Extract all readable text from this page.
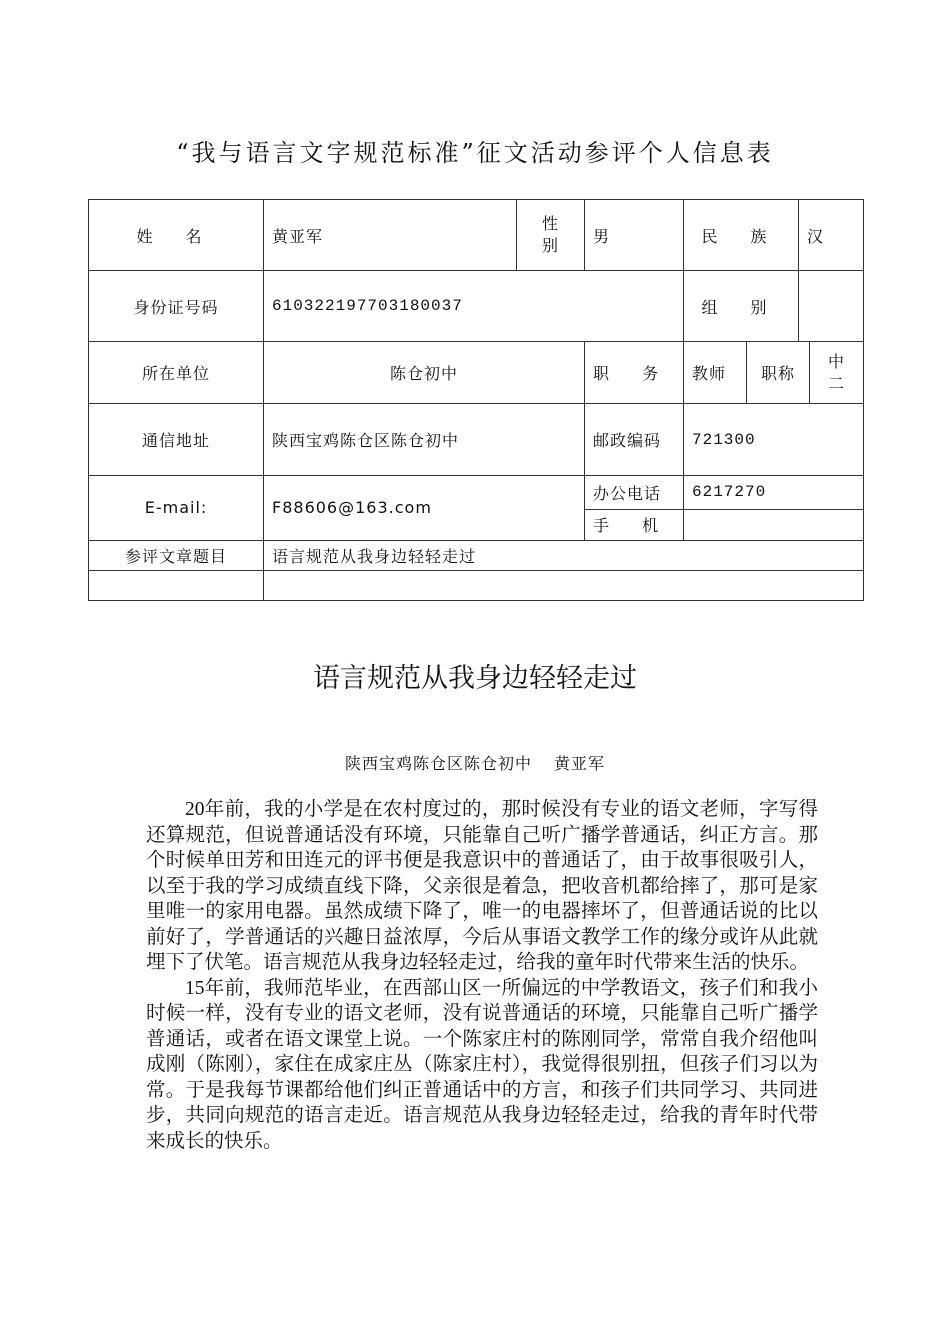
“我与语言文字规范标准”征文活动参评个人信息表
姓 名	黄亚军	性别	男	民 族		汉	
身份证号码	610322197703180037			组 别			
所在单位	陈仓初中		职 务	教师	职称		中二
通信地址	陕西宝鸡陈仓区陈仓初中		邮政编码	721300			
E-mail:	F88606@163.com		办公电话	6217270			
			手 机				
参评文章题目	语言规范从我身边轻轻走过						

语言规范从我身边轻轻走过
陕西宝鸡陈仓区陈仓初中 黄亚军

20年前，我的小学是在农村度过的，那时候没有专业的语文老师，字写得还算规范，但说普通话没有环境，只能靠自己听广播学普通话，纠正方言。那个时候单田芳和田连元的评书便是我意识中的普通话了，由于故事很吸引人，以至于我的学习成绩直线下降，父亲很是着急，把收音机都给摔了，那可是家里唯一的家用电器。虽然成绩下降了，唯一的电器摔坏了，但普通话说的比以前好了，学普通话的兴趣日益浓厚，今后从事语文教学工作的缘分或许从此就埋下了伏笔。语言规范从我身边轻轻走过，给我的童年时代带来生活的快乐。

15年前，我师范毕业，在西部山区一所偏远的中学教语文，孩子们和我小时候一样，没有专业的语文老师，没有说普通话的环境，只能靠自己听广播学普通话，或者在语文课堂上说。一个陈家庄村的陈刚同学，常常自我介绍他叫成刚（陈刚），家住在成家庄丛（陈家庄村），我觉得很别扭，但孩子们习以为常。于是我每节课都给他们纠正普通话中的方言，和孩子们共同学习、共同进步，共同向规范的语言走近。语言规范从我身边轻轻走过，给我的青年时代带来成长的快乐。
